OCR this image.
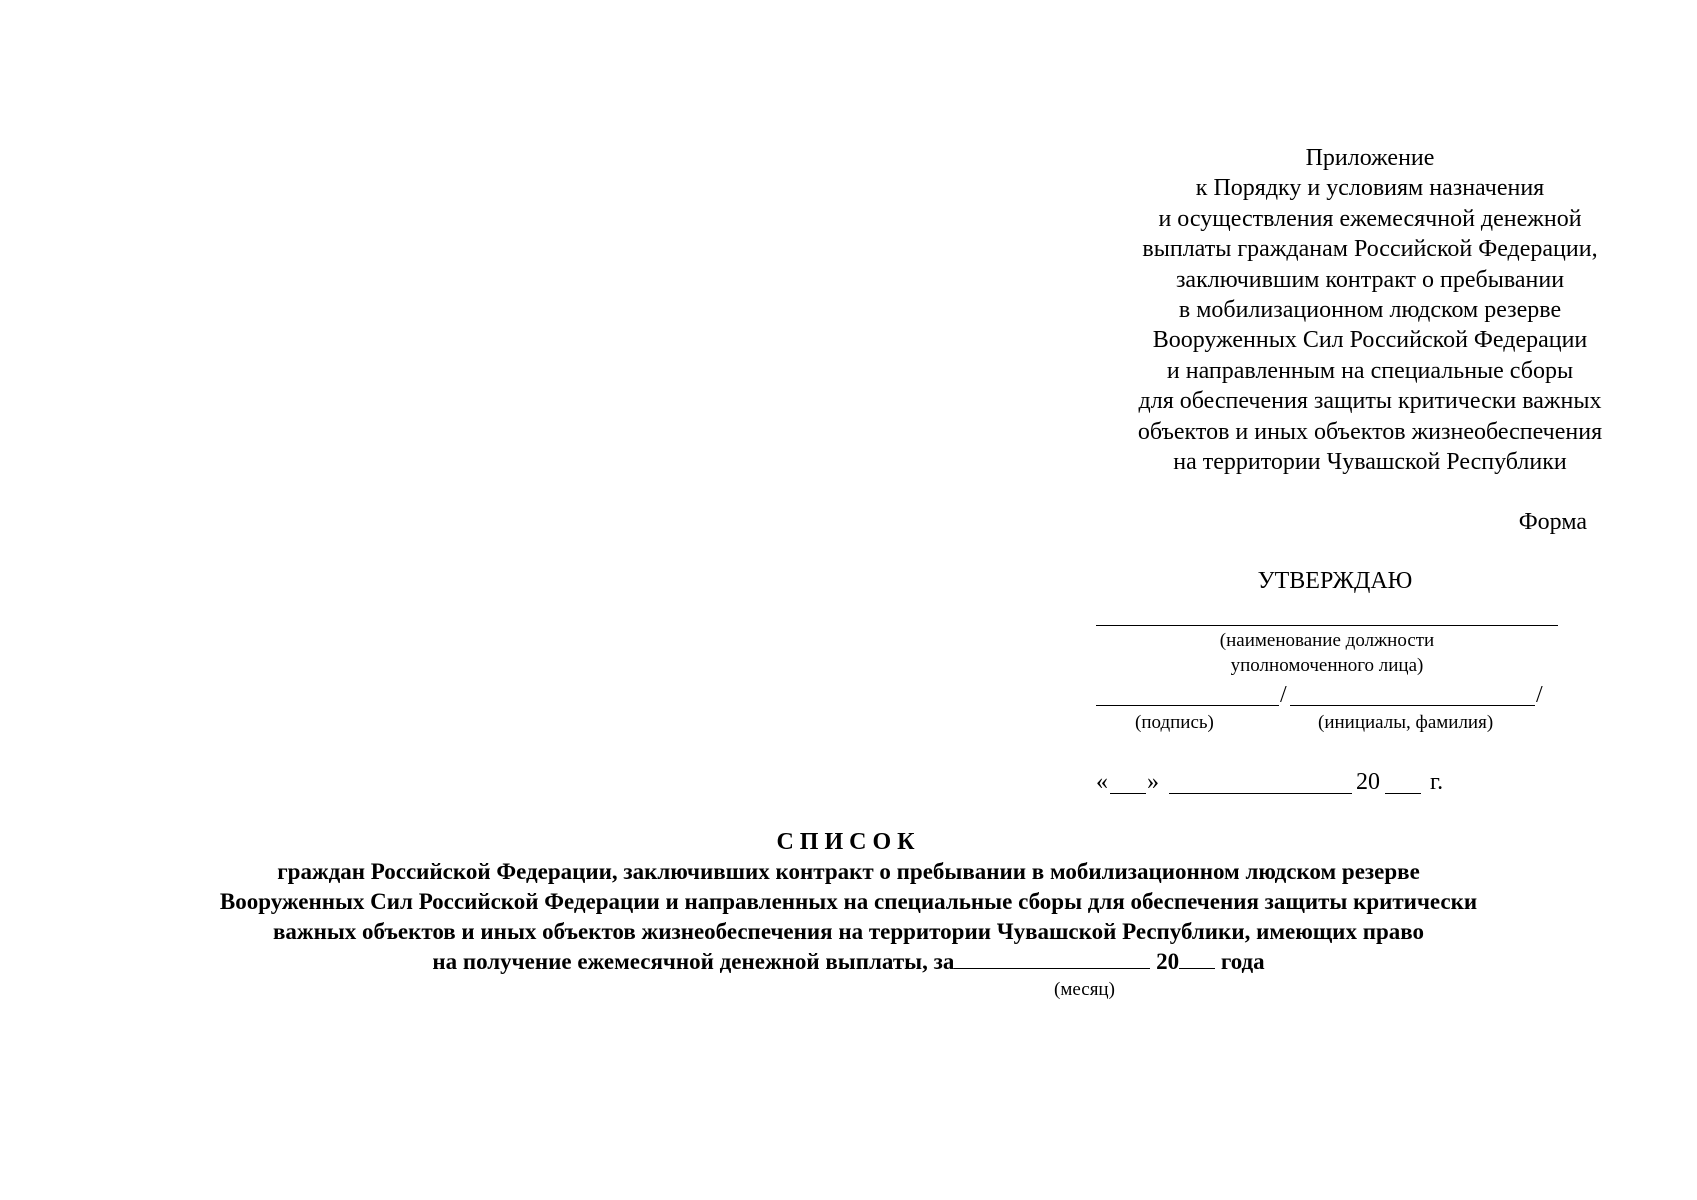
Приложение
к Порядку и условиям назначения
и осуществления ежемесячной денежной
выплаты гражданам Российской Федерации,
заключившим контракт о пребывании
в мобилизационном людском резерве
Вооруженных Сил Российской Федерации
и направленным на специальные сборы
для обеспечения защиты критически важных
объектов и иных объектов жизнеобеспечения
на территории Чувашской Республики
Форма
УТВЕРЖДАЮ
(наименование должности
уполномоченного лица)
/	/
(подпись)	(инициалы, фамилия)
« »	20 г.
СПИСОК
граждан Российской Федерации, заключивших контракт о пребывании в мобилизационном людском резерве
Вооруженных Сил Российской Федерации и направленных на специальные сборы для обеспечения защиты критически
важных объектов и иных объектов жизнеобеспечения на территории Чувашской Республики, имеющих право
на получение ежемесячной денежной выплаты, за	20 года
(месяц)
